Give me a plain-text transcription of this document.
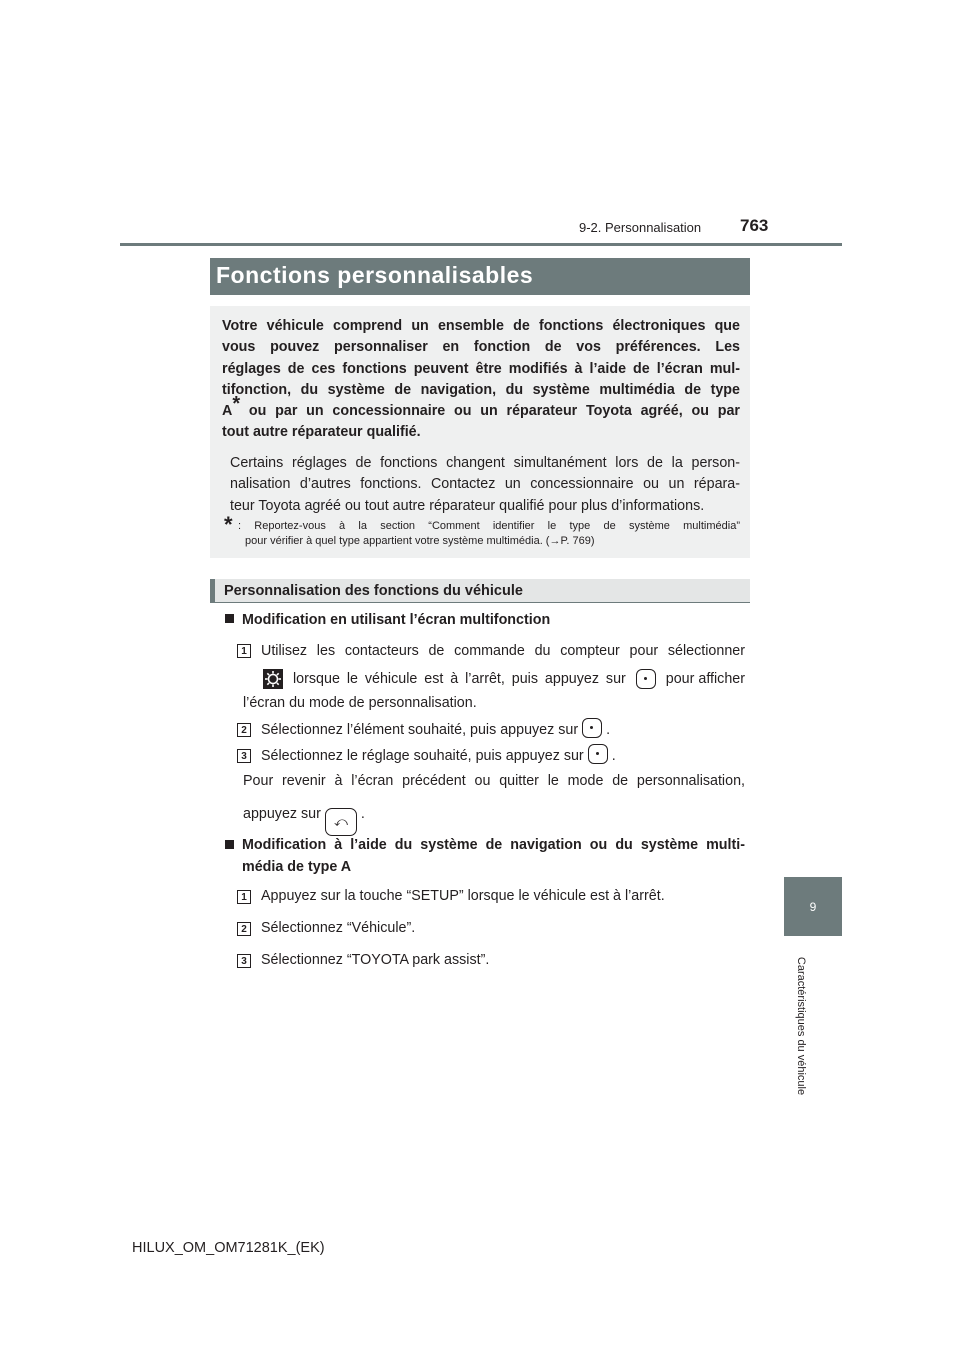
9-2. Personnalisation 763
9
Caractéristiques du véhicule
Fonctions personnalisables
Votre véhicule comprend un ensemble de fonctions électroniques que
vous pouvez personnaliser en fonction de vos préférences. Les
réglages de ces fonctions peuvent être modifiés à l’aide de l’écran mul-
tifonction, du système de navigation, du système multimédia de type
A * ou par un concessionnaire ou un réparateur Toyota agréé, ou par
tout autre réparateur qualifié.
Certains réglages de fonctions changent simultanément lors de la person-
nalisation d’autres fonctions. Contactez un concessionnaire ou un répara-
teur Toyota agréé ou tout autre réparateur qualifié pour plus d’informations.
* : Reportez-vous à la section “Comment identifier le type de système multimédia”
pour vérifier à quel type appartient votre système multimédia. (→P. 769)
Personnalisation des fonctions du véhicule
Modification en utilisant l’écran multifonction
1 Utilisez les contacteurs de commande du compteur pour sélectionner
lorsque le véhicule est à l’arrêt, puis appuyez sur	pour afficher
l’écran du mode de personnalisation.
2 Sélectionnez l’élément souhaité, puis appuyez sur .
3 Sélectionnez le réglage souhaité, puis appuyez sur .
Pour revenir à l’écran précédent ou quitter le mode de personnalisation,
appuyez sur ⤺ .
Modification à l’aide du système de navigation ou du système multi-
média de type A
1 Appuyez sur la touche “SETUP” lorsque le véhicule est à l’arrêt.
2 Sélectionnez “Véhicule”.
3 Sélectionnez “TOYOTA park assist”.
HILUX_OM_OM71281K_(EK)
